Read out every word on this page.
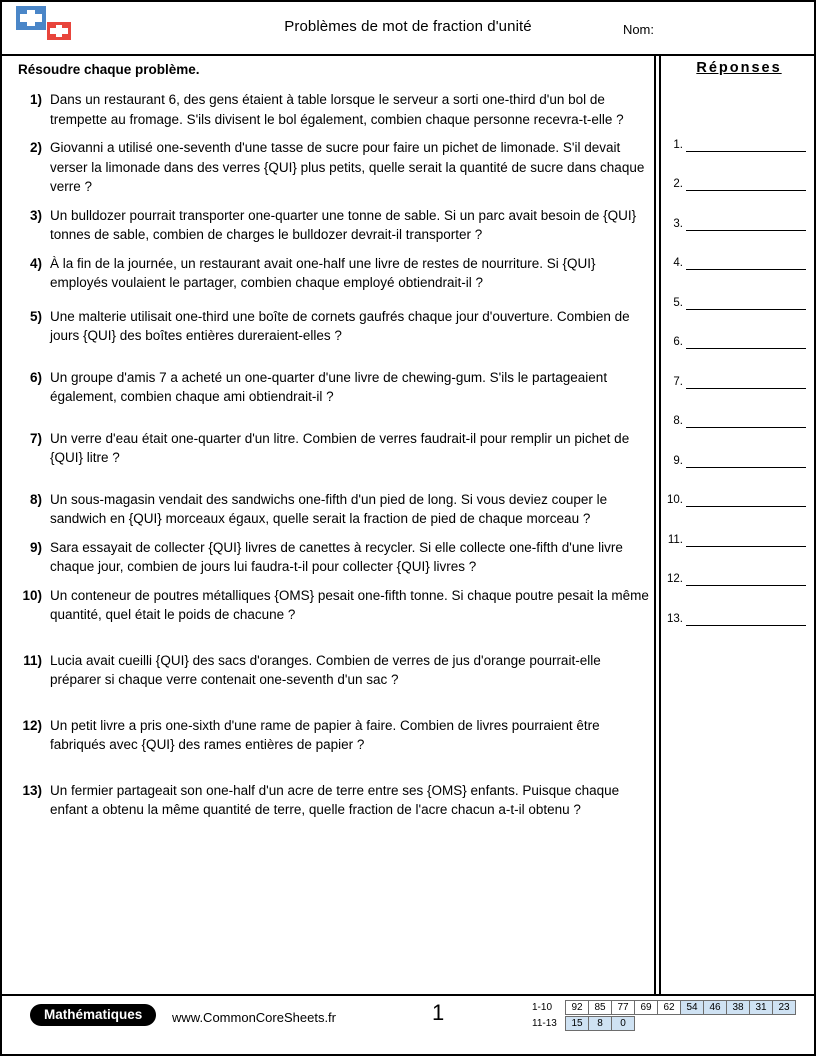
Problèmes de mot de fraction d'unité	Nom:
Résoudre chaque problème.
1) Dans un restaurant 6, des gens étaient à table lorsque le serveur a sorti one-third d'un bol de trempette au fromage. S'ils divisent le bol également, combien chaque personne recevra-t-elle ?
2) Giovanni a utilisé one-seventh d'une tasse de sucre pour faire un pichet de limonade. S'il devait verser la limonade dans des verres {QUI} plus petits, quelle serait la quantité de sucre dans chaque verre ?
3) Un bulldozer pourrait transporter one-quarter une tonne de sable. Si un parc avait besoin de {QUI} tonnes de sable, combien de charges le bulldozer devrait-il transporter ?
4) À la fin de la journée, un restaurant avait one-half une livre de restes de nourriture. Si {QUI} employés voulaient le partager, combien chaque employé obtiendrait-il ?
5) Une malterie utilisait one-third une boîte de cornets gaufrés chaque jour d'ouverture. Combien de jours {QUI} des boîtes entières dureraient-elles ?
6) Un groupe d'amis 7 a acheté un one-quarter d'une livre de chewing-gum. S'ils le partageaient également, combien chaque ami obtiendrait-il ?
7) Un verre d'eau était one-quarter d'un litre. Combien de verres faudrait-il pour remplir un pichet de {QUI} litre ?
8) Un sous-magasin vendait des sandwichs one-fifth d'un pied de long. Si vous deviez couper le sandwich en {QUI} morceaux égaux, quelle serait la fraction de pied de chaque morceau ?
9) Sara essayait de collecter {QUI} livres de canettes à recycler. Si elle collecte one-fifth d'une livre chaque jour, combien de jours lui faudra-t-il pour collecter {QUI} livres ?
10) Un conteneur de poutres métalliques {OMS} pesait one-fifth tonne. Si chaque poutre pesait la même quantité, quel était le poids de chacune ?
11) Lucia avait cueilli {QUI} des sacs d'oranges. Combien de verres de jus d'orange pourrait-elle préparer si chaque verre contenait one-seventh d'un sac ?
12) Un petit livre a pris one-sixth d'une rame de papier à faire. Combien de livres pourraient être fabriqués avec {QUI} des rames entières de papier ?
13) Un fermier partageait son one-half d'un acre de terre entre ses {OMS} enfants. Puisque chaque enfant a obtenu la même quantité de terre, quelle fraction de l'acre chacun a-t-il obtenu ?
Réponses
1.
2.
3.
4.
5.
6.
7.
8.
9.
10.
11.
12.
13.
Mathématiques	www.CommonCoreSheets.fr	1	1-10	92	85	77	69	62	54	46	38	31	23
11-13	15	8	0
